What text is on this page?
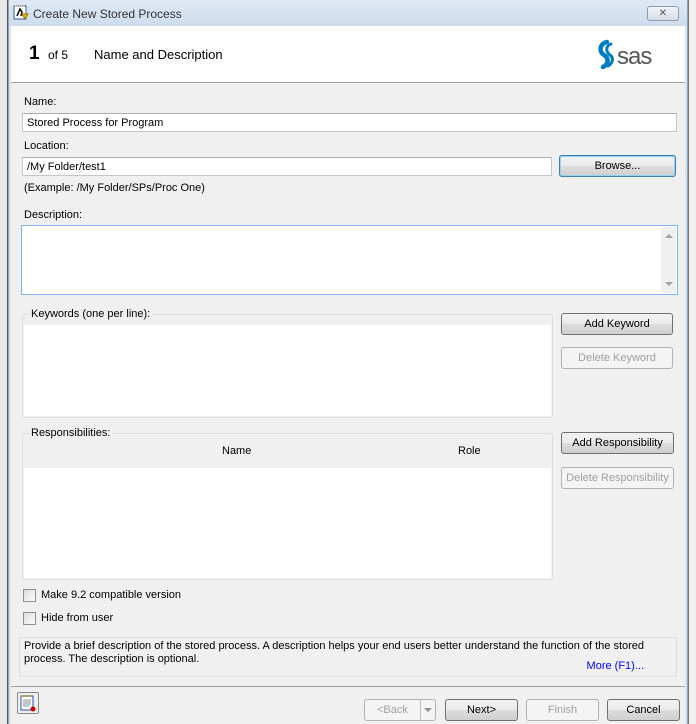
Create New Stored Process	✕
1 of 5 Name and Description	sas
Name:
Stored Process for Program
Location:
/My Folder/test1
Browse...
(Example: /My Folder/SPs/Proc One)
Description:
Keywords (one per line):
Add Keyword
Delete Keyword
Responsibilities:
Name	Role
Add Responsibility
Delete Responsibility
Make 9.2 compatible version
Hide from user
Provide a brief description of the stored process. A description helps your end users better understand the function of the stored process. The description is optional.
More (F1)...
<Back	Next>	Finish	Cancel
